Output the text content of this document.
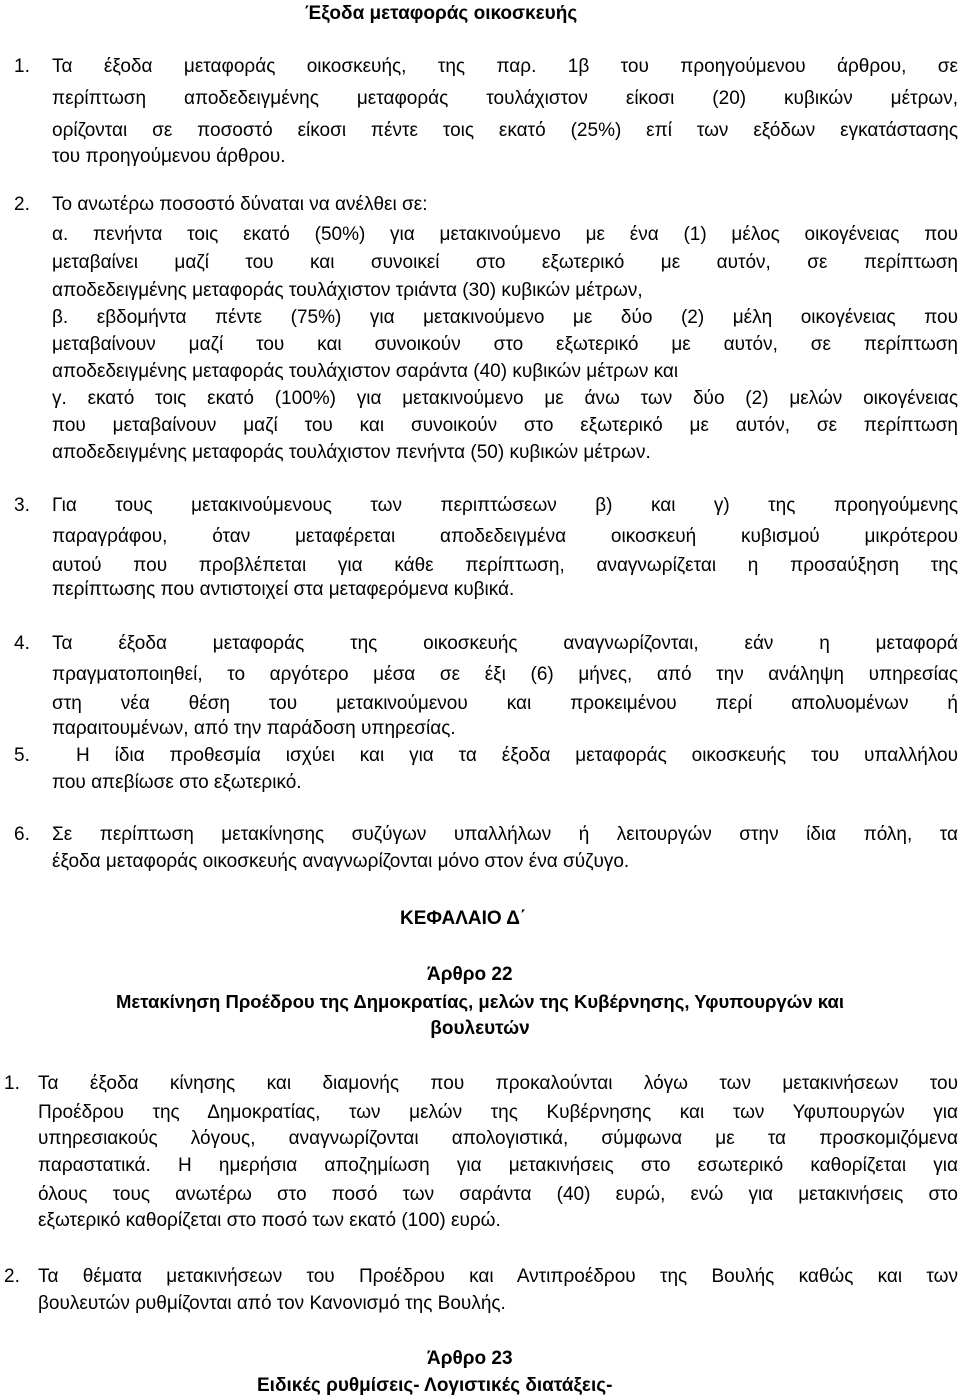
Έξοδα μεταφοράς οικοσκευής
1. Τα έξοδα μεταφοράς οικοσκευής, της παρ. 1β του προηγούμενου άρθρου, σε
περίπτωση αποδεδειγμένης μεταφοράς τουλάχιστον είκοσι (20) κυβικών μέτρων,
ορίζονται σε ποσοστό είκοσι πέντε τοις εκατό (25%) επί των εξόδων εγκατάστασης
του προηγούμενου άρθρου.
2. Το ανωτέρω ποσοστό δύναται να ανέλθει σε:
α. πενήντα τοις εκατό (50%) για μετακινούμενο με ένα (1) μέλος οικογένειας που
μεταβαίνει μαζί του και συνοικεί στο εξωτερικό με αυτόν, σε περίπτωση
αποδεδειγμένης μεταφοράς τουλάχιστον τριάντα (30) κυβικών μέτρων,
β. εβδομήντα πέντε (75%) για μετακινούμενο με δύο (2) μέλη οικογένειας που
μεταβαίνουν μαζί του και συνοικούν στο εξωτερικό με αυτόν, σε περίπτωση
αποδεδειγμένης μεταφοράς τουλάχιστον σαράντα (40) κυβικών μέτρων και
γ. εκατό τοις εκατό (100%) για μετακινούμενο με άνω των δύο (2) μελών οικογένειας
που μεταβαίνουν μαζί του και συνοικούν στο εξωτερικό με αυτόν, σε περίπτωση
αποδεδειγμένης μεταφοράς τουλάχιστον πενήντα (50) κυβικών μέτρων.
3. Για τους μετακινούμενους των περιπτώσεων β) και γ) της προηγούμενης
παραγράφου, όταν μεταφέρεται αποδεδειγμένα οικοσκευή κυβισμού μικρότερου
αυτού που προβλέπεται για κάθε περίπτωση, αναγνωρίζεται η προσαύξηση της
περίπτωσης που αντιστοιχεί στα μεταφερόμενα κυβικά.
4. Τα έξοδα μεταφοράς της οικοσκευής αναγνωρίζονται, εάν η μεταφορά
πραγματοποιηθεί, το αργότερο μέσα σε έξι (6) μήνες, από την ανάληψη υπηρεσίας
στη νέα θέση του μετακινούμενου και προκειμένου περί απολυομένων ή
παραιτουμένων, από την παράδοση υπηρεσίας.
5. Η ίδια προθεσμία ισχύει και για τα έξοδα μεταφοράς οικοσκευής του υπαλλήλου
που απεβίωσε στο εξωτερικό.
6. Σε περίπτωση μετακίνησης συζύγων υπαλλήλων ή λειτουργών στην ίδια πόλη, τα
έξοδα μεταφοράς οικοσκευής αναγνωρίζονται μόνο στον ένα σύζυγο.
ΚΕΦΑΛΑΙΟ Δ΄
Άρθρο 22
Μετακίνηση Προέδρου της Δημοκρατίας, μελών της Κυβέρνησης, Υφυπουργών και
βουλευτών
1. Τα έξοδα κίνησης και διαμονής που προκαλούνται λόγω των μετακινήσεων του
Προέδρου της Δημοκρατίας, των μελών της Κυβέρνησης και των Υφυπουργών για
υπηρεσιακούς λόγους, αναγνωρίζονται απολογιστικά, σύμφωνα με τα προσκομιζόμενα
παραστατικά. Η ημερήσια αποζημίωση για μετακινήσεις στο εσωτερικό καθορίζεται για
όλους τους ανωτέρω στο ποσό των σαράντα (40) ευρώ, ενώ για μετακινήσεις στο
εξωτερικό καθορίζεται στο ποσό των εκατό (100) ευρώ.
2. Τα θέματα μετακινήσεων του Προέδρου και Αντιπροέδρου της Βουλής καθώς και των
βουλευτών ρυθμίζονται από τον Κανονισμό της Βουλής.
Άρθρο 23
Ειδικές ρυθμίσεις- Λογιστικές διατάξεις-
